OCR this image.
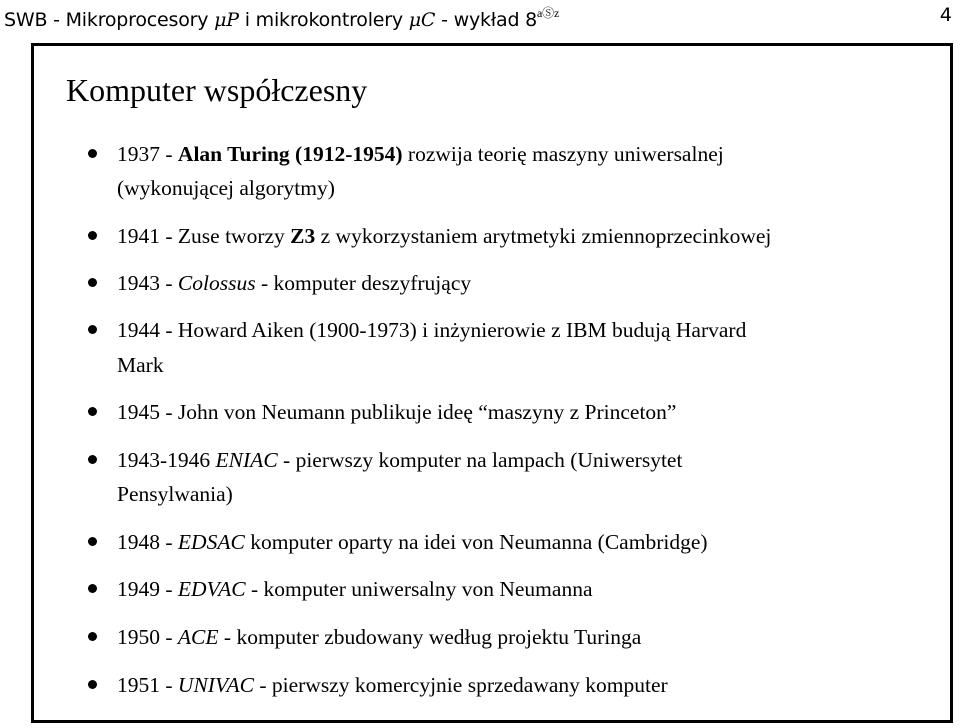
SWB - Mikroprocesory μP i mikrokontrolery μC - wykład $8^{aⓈz}$	4
Komputer współczesny
1937 - Alan Turing (1912-1954) rozwija teorię maszyny uniwersalnej
(wykonującej algorytmy)
1941 - Zuse tworzy Z3 z wykorzystaniem arytmetyki zmiennoprzecinkowej
1943 - Colossus - komputer deszyfrujący
1944 - Howard Aiken (1900-1973) i inżynierowie z IBM budują Harvard
Mark
1945 - John von Neumann publikuje ideę “maszyny z Princeton”
1943-1946 ENIAC - pierwszy komputer na lampach (Uniwersytet
Pensylwania)
1948 - EDSAC komputer oparty na idei von Neumanna (Cambridge)
1949 - EDVAC - komputer uniwersalny von Neumanna
1950 - ACE - komputer zbudowany według projektu Turinga
1951 - UNIVAC - pierwszy komercyjnie sprzedawany komputer
